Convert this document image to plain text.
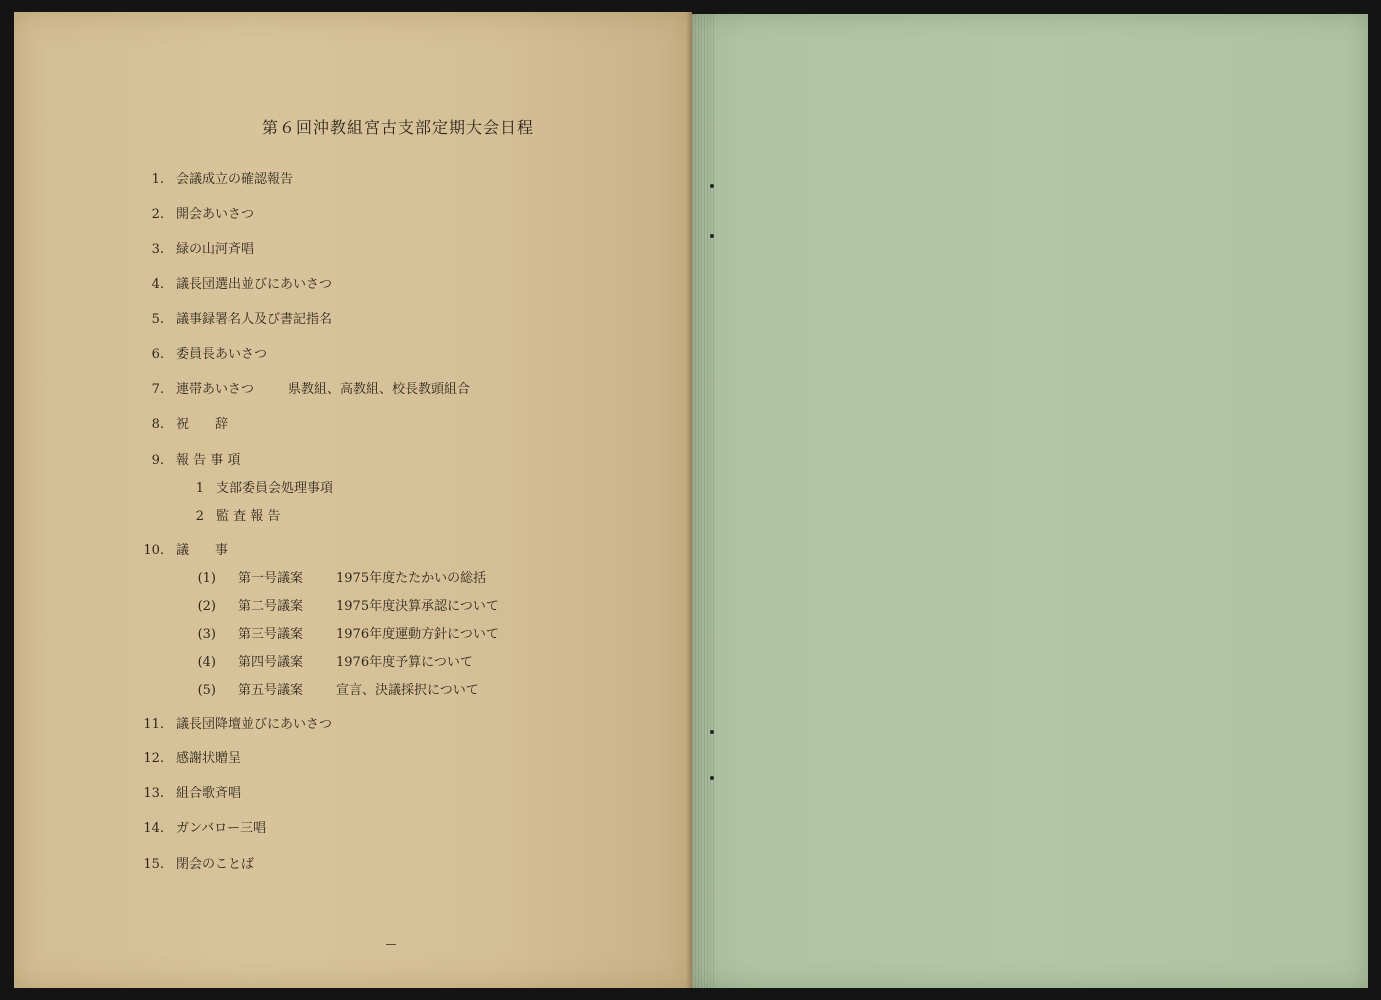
第６回沖教組宮古支部定期大会日程
1. 会議成立の確認報告
2. 開会あいさつ
3. 緑の山河斉唱
4. 議長団選出並びにあいさつ
5. 議事録署名人及び書記指名
6. 委員長あいさつ
7. 連帯あいさつ	県教組、高教組、校長教頭組合
8. 祝　　辞
9. 報 告 事 項
1 支部委員会処理事項
2 監 査 報 告
10. 議　　事
(1) 第一号議案	1975年度たたかいの総括
(2) 第二号議案	1975年度決算承認について
(3) 第三号議案	1976年度運動方針について
(4) 第四号議案	1976年度予算について
(5) 第五号議案	宣言、決議採択について
11. 議長団降壇並びにあいさつ
12. 感謝状贈呈
13. 組合歌斉唱
14. ガンバロー三唱
15. 閉会のことば
